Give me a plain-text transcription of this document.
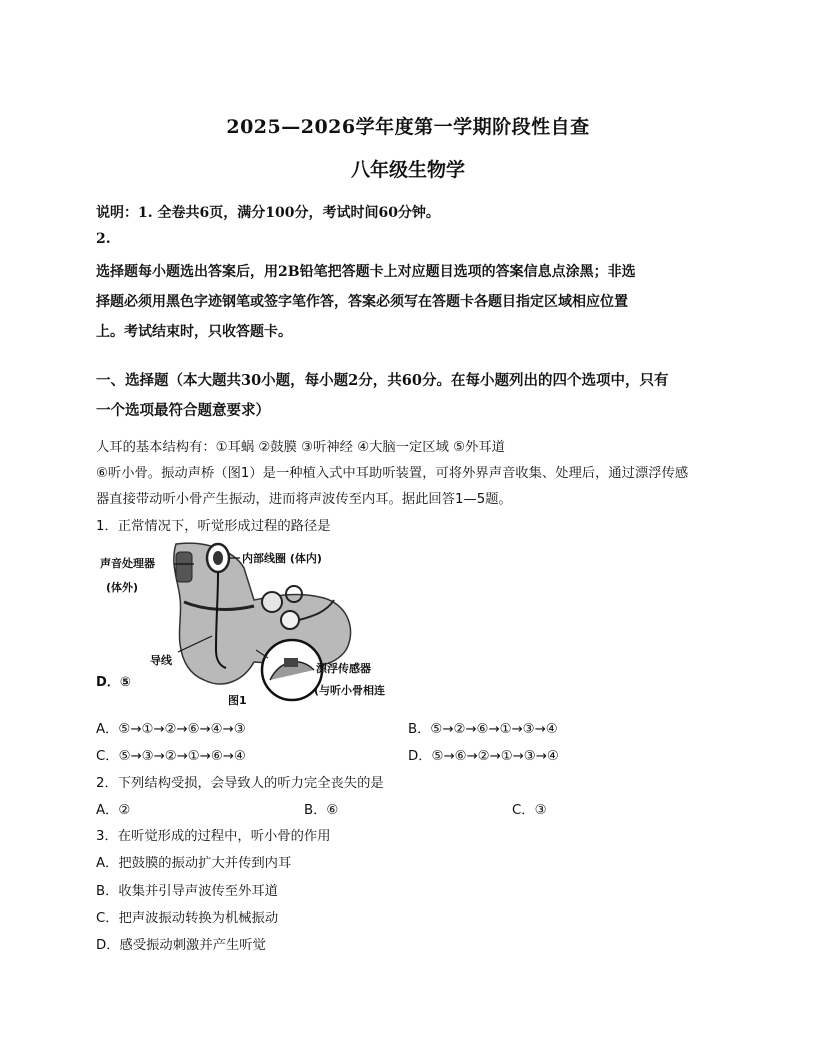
2025—2026学年度第一学期阶段性自查
八年级生物学
说明：1. 全卷共6页，满分100分，考试时间60分钟。
2.
选择题每小题选出答案后，用2B铅笔把答题卡上对应题目选项的答案信息点涂黑；非选
择题必须用黑色字迹钢笔或签字笔作答，答案必须写在答题卡各题目指定区域相应位置
上。考试结束时，只收答题卡。
一、选择题（本大题共30小题，每小题2分，共60分。在每小题列出的四个选项中，只有
一个选项最符合题意要求）
人耳的基本结构有：①耳蜗 ②鼓膜 ③听神经 ④大脑一定区域 ⑤外耳道
⑥听小骨。振动声桥（图1）是一种植入式中耳助听装置，可将外界声音收集、处理后，通过漂浮传感
器直接带动听小骨产生振动，进而将声波传至内耳。据此回答1—5题。
1．正常情况下，听觉形成过程的路径是
声音处理器
(体外)
内部线圈 (体内)
导线
漂浮传感器
(与听小骨相连
图1
D．⑤
A．⑤→①→②→⑥→④→③	B．⑤→②→⑥→①→③→④
C．⑤→③→②→①→⑥→④	D．⑤→⑥→②→①→③→④
2．下列结构受损，会导致人的听力完全丧失的是
A．②	B．⑥	C．③
3．在听觉形成的过程中，听小骨的作用
A．把鼓膜的振动扩大并传到内耳
B．收集并引导声波传至外耳道
C．把声波振动转换为机械振动
D．感受振动刺激并产生听觉
